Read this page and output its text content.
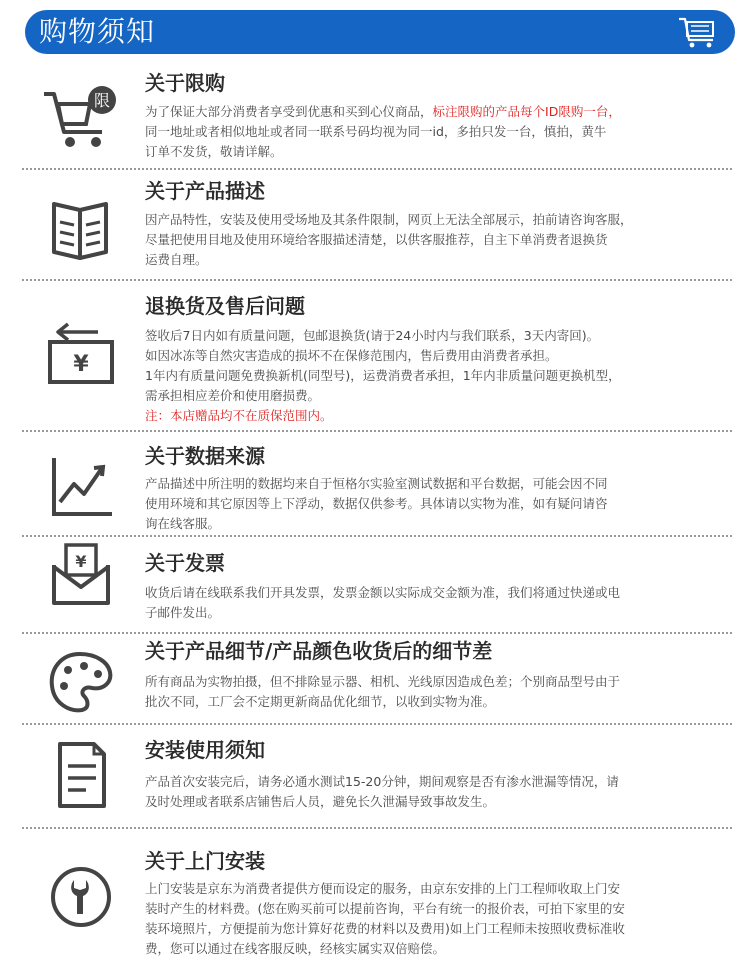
购物须知
限
关于限购
为了保证大部分消费者享受到优惠和买到心仪商品，标注限购的产品每个ID限购一台，
同一地址或者相似地址或者同一联系号码均视为同一id，多拍只发一台，慎拍，黄牛
订单不发货，敬请详解。
关于产品描述
因产品特性，安装及使用受场地及其条件限制，网页上无法全部展示，拍前请咨询客服，
尽量把使用目地及使用环境给客服描述清楚，以供客服推荐，自主下单消费者退换货
运费自理。
¥
退换货及售后问题
签收后7日内如有质量问题，包邮退换货(请于24小时内与我们联系，3天内寄回)。
如因冰冻等自然灾害造成的损坏不在保修范围内，售后费用由消费者承担。
1年内有质量问题免费换新机(同型号)，运费消费者承担，1年内非质量问题更换机型，
需承担相应差价和使用磨损费。
注：本店赠品均不在质保范围内。
关于数据来源
产品描述中所注明的数据均来自于恒格尔实验室测试数据和平台数据，可能会因不同
使用环境和其它原因等上下浮动，数据仅供参考。具体请以实物为准，如有疑问请咨
询在线客服。
¥	关于发票
收货后请在线联系我们开具发票，发票金额以实际成交金额为准，我们将通过快递或电
子邮件发出。
关于产品细节/产品颜色收货后的细节差
所有商品为实物拍摄，但不排除显示器、相机、光线原因造成色差；个别商品型号由于
批次不同，工厂会不定期更新商品优化细节，以收到实物为准。
安装使用须知
产品首次安装完后，请务必通水测试15-20分钟，期间观察是否有渗水泄漏等情况，请
及时处理或者联系店铺售后人员，避免长久泄漏导致事故发生。
关于上门安装
上门安装是京东为消费者提供方便而设定的服务，由京东安排的上门工程师收取上门安
装时产生的材料费。(您在购买前可以提前咨询，平台有统一的报价表，可拍下家里的安
装环境照片，方便提前为您计算好花费的材料以及费用)如上门工程师未按照收费标准收
费，您可以通过在线客服反映，经核实属实双倍赔偿。
